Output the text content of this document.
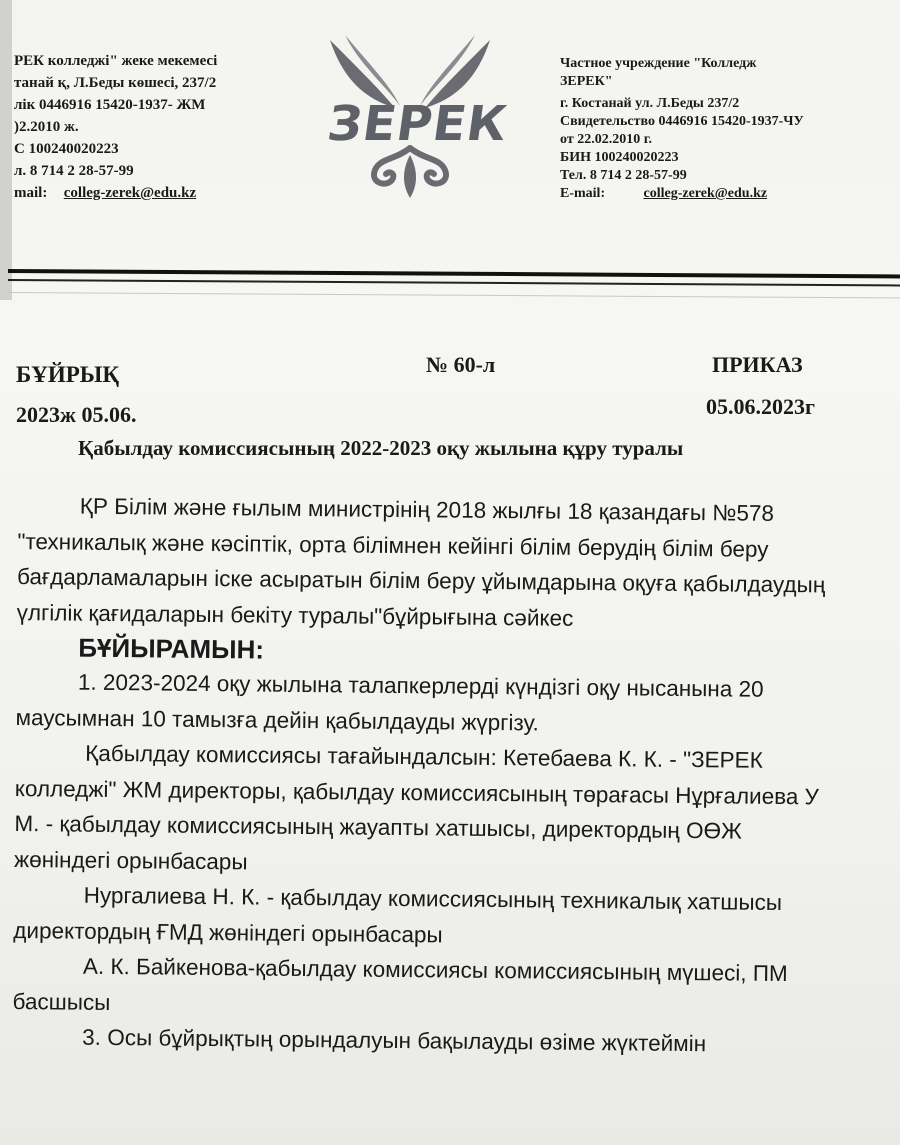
РЕК колледжі" жеке мекемесі
танай қ, Л.Беды көшесі, 237/2
лік 0446916 15420-1937- ЖМ
)2.2010 ж.
С 100240020223
л. 8 714 2 28-57-99
mail: colleg-zerek@edu.kz
ЗЕРЕК
Частное учреждение "Колледж
ЗЕРЕК"
г. Костанай ул. Л.Беды 237/2
Свидетельство 0446916 15420-1937-ЧУ
от 22.02.2010 г.
БИН 100240020223
Тел. 8 714 2 28-57-99
E-mail:	colleg-zerek@edu.kz
БҰЙРЫҚ
2023ж 05.06.
№ 60-л	ПРИКАЗ
05.06.2023г
Қабылдау комиссиясының 2022-2023 оқу жылына құру туралы

ҚР Білім және ғылым министрінің 2018 жылғы 18 қазандағы №578

"техникалық және кәсіптік, орта білімнен кейінгі білім берудің білім беру

бағдарламаларын іске асыратын білім беру ұйымдарына оқуға қабылдаудың

үлгілік қағидаларын бекіту туралы"бұйрығына сәйкес

БҰЙЫРАМЫН:

1. 2023-2024 оқу жылына талапкерлерді күндізгі оқу нысанына 20

маусымнан 10 тамызға дейін қабылдауды жүргізу.

Қабылдау комиссиясы тағайындалсын: Кетебаева К. К. - "ЗЕРЕК

колледжі" ЖМ директоры, қабылдау комиссиясының төрағасы Нұрғалиева У

М. - қабылдау комиссиясының жауапты хатшысы, директордың ОӨЖ

жөніндегі орынбасары

Нургалиева Н. К. - қабылдау комиссиясының техникалық хатшысы

директордың ҒМД жөніндегі орынбасары

А. К. Байкенова-қабылдау комиссиясы комиссиясының мүшесі, ПМ

басшысы

3. Осы бұйрықтың орындалуын бақылауды өзіме жүктеймін
